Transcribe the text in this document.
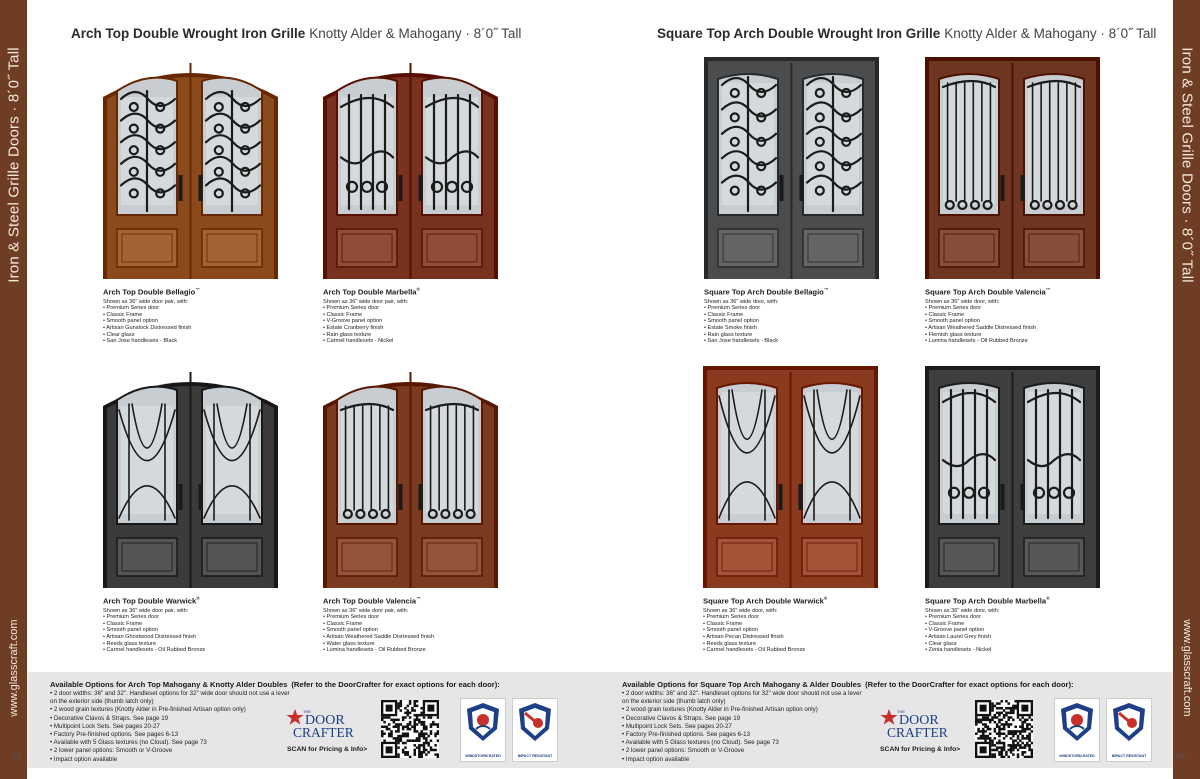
Iron & Steel Grille Doors · 8´0˝ Tall
www.glasscraft.com
Iron & Steel Grille Doors · 8´0˝ Tall
www.glasscraft.com
Arch Top Double Wrought Iron Grille Knotty Alder & Mahogany · 8´0˝ Tall	Square Top Arch Double Wrought Iron Grille Knotty Alder & Mahogany · 8´0˝ Tall
Arch Top Double Bellagio™
Shown as 36" wide door pair, with:
• Premium Series door
• Classic Frame
• Smooth panel option
• Artisan Gunstock Distressed finish
• Clear glass
• San Jose handlesets - Black
Arch Top Double Marbella®
Shown as 36" wide door pair, with:
• Premium Series door
• Classic Frame
• V-Groove panel option
• Estate Cranberry finish
• Rain glass texture
• Carmel handlesets - Nickel
Arch Top Double Warwick®
Shown as 36" wide door pair, with:
• Premium Series door
• Classic Frame
• Smooth panel option
• Artisan Ghostwood Distressed finish
• Reeds glass texture
• Carmel handlesets - Oil Rubbed Bronze
Arch Top Double Valencia™
Shown as 36" wide door pair, with:
• Premium Series door
• Classic Frame
• Smooth panel option
• Artisan Weathered Saddle Distressed finish
• Water glass texture
• Lumina handlesets - Oil Rubbed Bronze
Square Top Arch Double Bellagio™
Shown as 36" wide door, with:
• Premium Series door
• Classic Frame
• Smooth panel option
• Estate Smoke finish
• Rain glass texture
• San Jose handlesets - Black
Square Top Arch Double Valencia™
Shown as 36" wide door, with:
• Premium Series door
• Classic Frame
• Smooth panel option
• Artisan Weathered Saddle Distressed finish
• Flemish glass texture
• Lumina handlesets - Oil Rubbed Bronze
Square Top Arch Double Warwick®
Shown as 36" wide door, with:
• Premium Series door
• Classic Frame
• Smooth panel option
• Artisan Pecan Distressed finish
• Reeds glass texture
• Carmel handlesets - Oil Rubbed Bronze
Square Top Arch Double Marbella®
Shown as 36" wide door, with:
• Premium Series door
• Classic Frame
• V-Groove panel option
• Artisan Laurel Grey finish
• Clear glass
• Zenia handlesets - Nickel
Available Options for Arch Top Mahogany & Knotty Alder Doubles (Refer to the DoorCrafter for exact options for each door):
• 2 door widths: 36" and 32". Handleset options for 32" wide door should not use a lever on the exterior side (thumb latch only)
• 2 wood grain textures (Knotty Alder in Pre-finished Artisan option only)
• Decorative Clavos & Straps. See page 19
• Multipoint Lock Sets. See pages 20-27
• Factory Pre-finished options. See pages 6-13
• Available with 5 Glass textures (no Cloud). See page 73
• 2 lower panel options: Smooth or V-Groove
• Impact option available
THE
DOOR
CRAFTER
SCAN for Pricing & Info>
WINDSTORM RATED	IMPACT RESISTANT
Available Options for Square Top Arch Mahogany & Alder Doubles (Refer to the DoorCrafter for exact options for each door):
• 2 door widths: 36" and 32". Handleset options for 32" wide door should not use a lever on the exterior side (thumb latch only)
• 2 wood grain textures (Knotty Alder in Pre-finished Artisan option only)
• Decorative Clavos & Straps. See page 19
• Multipoint Lock Sets. See pages 20-27
• Factory Pre-finished options. See pages 6-13
• Available with 5 Glass textures (no Cloud). See page 73
• 2 lower panel options: Smooth or V-Groove
• Impact option available
THE
DOOR
CRAFTER
SCAN for Pricing & Info>
WINDSTORM RATED	IMPACT RESISTANT
82	83
